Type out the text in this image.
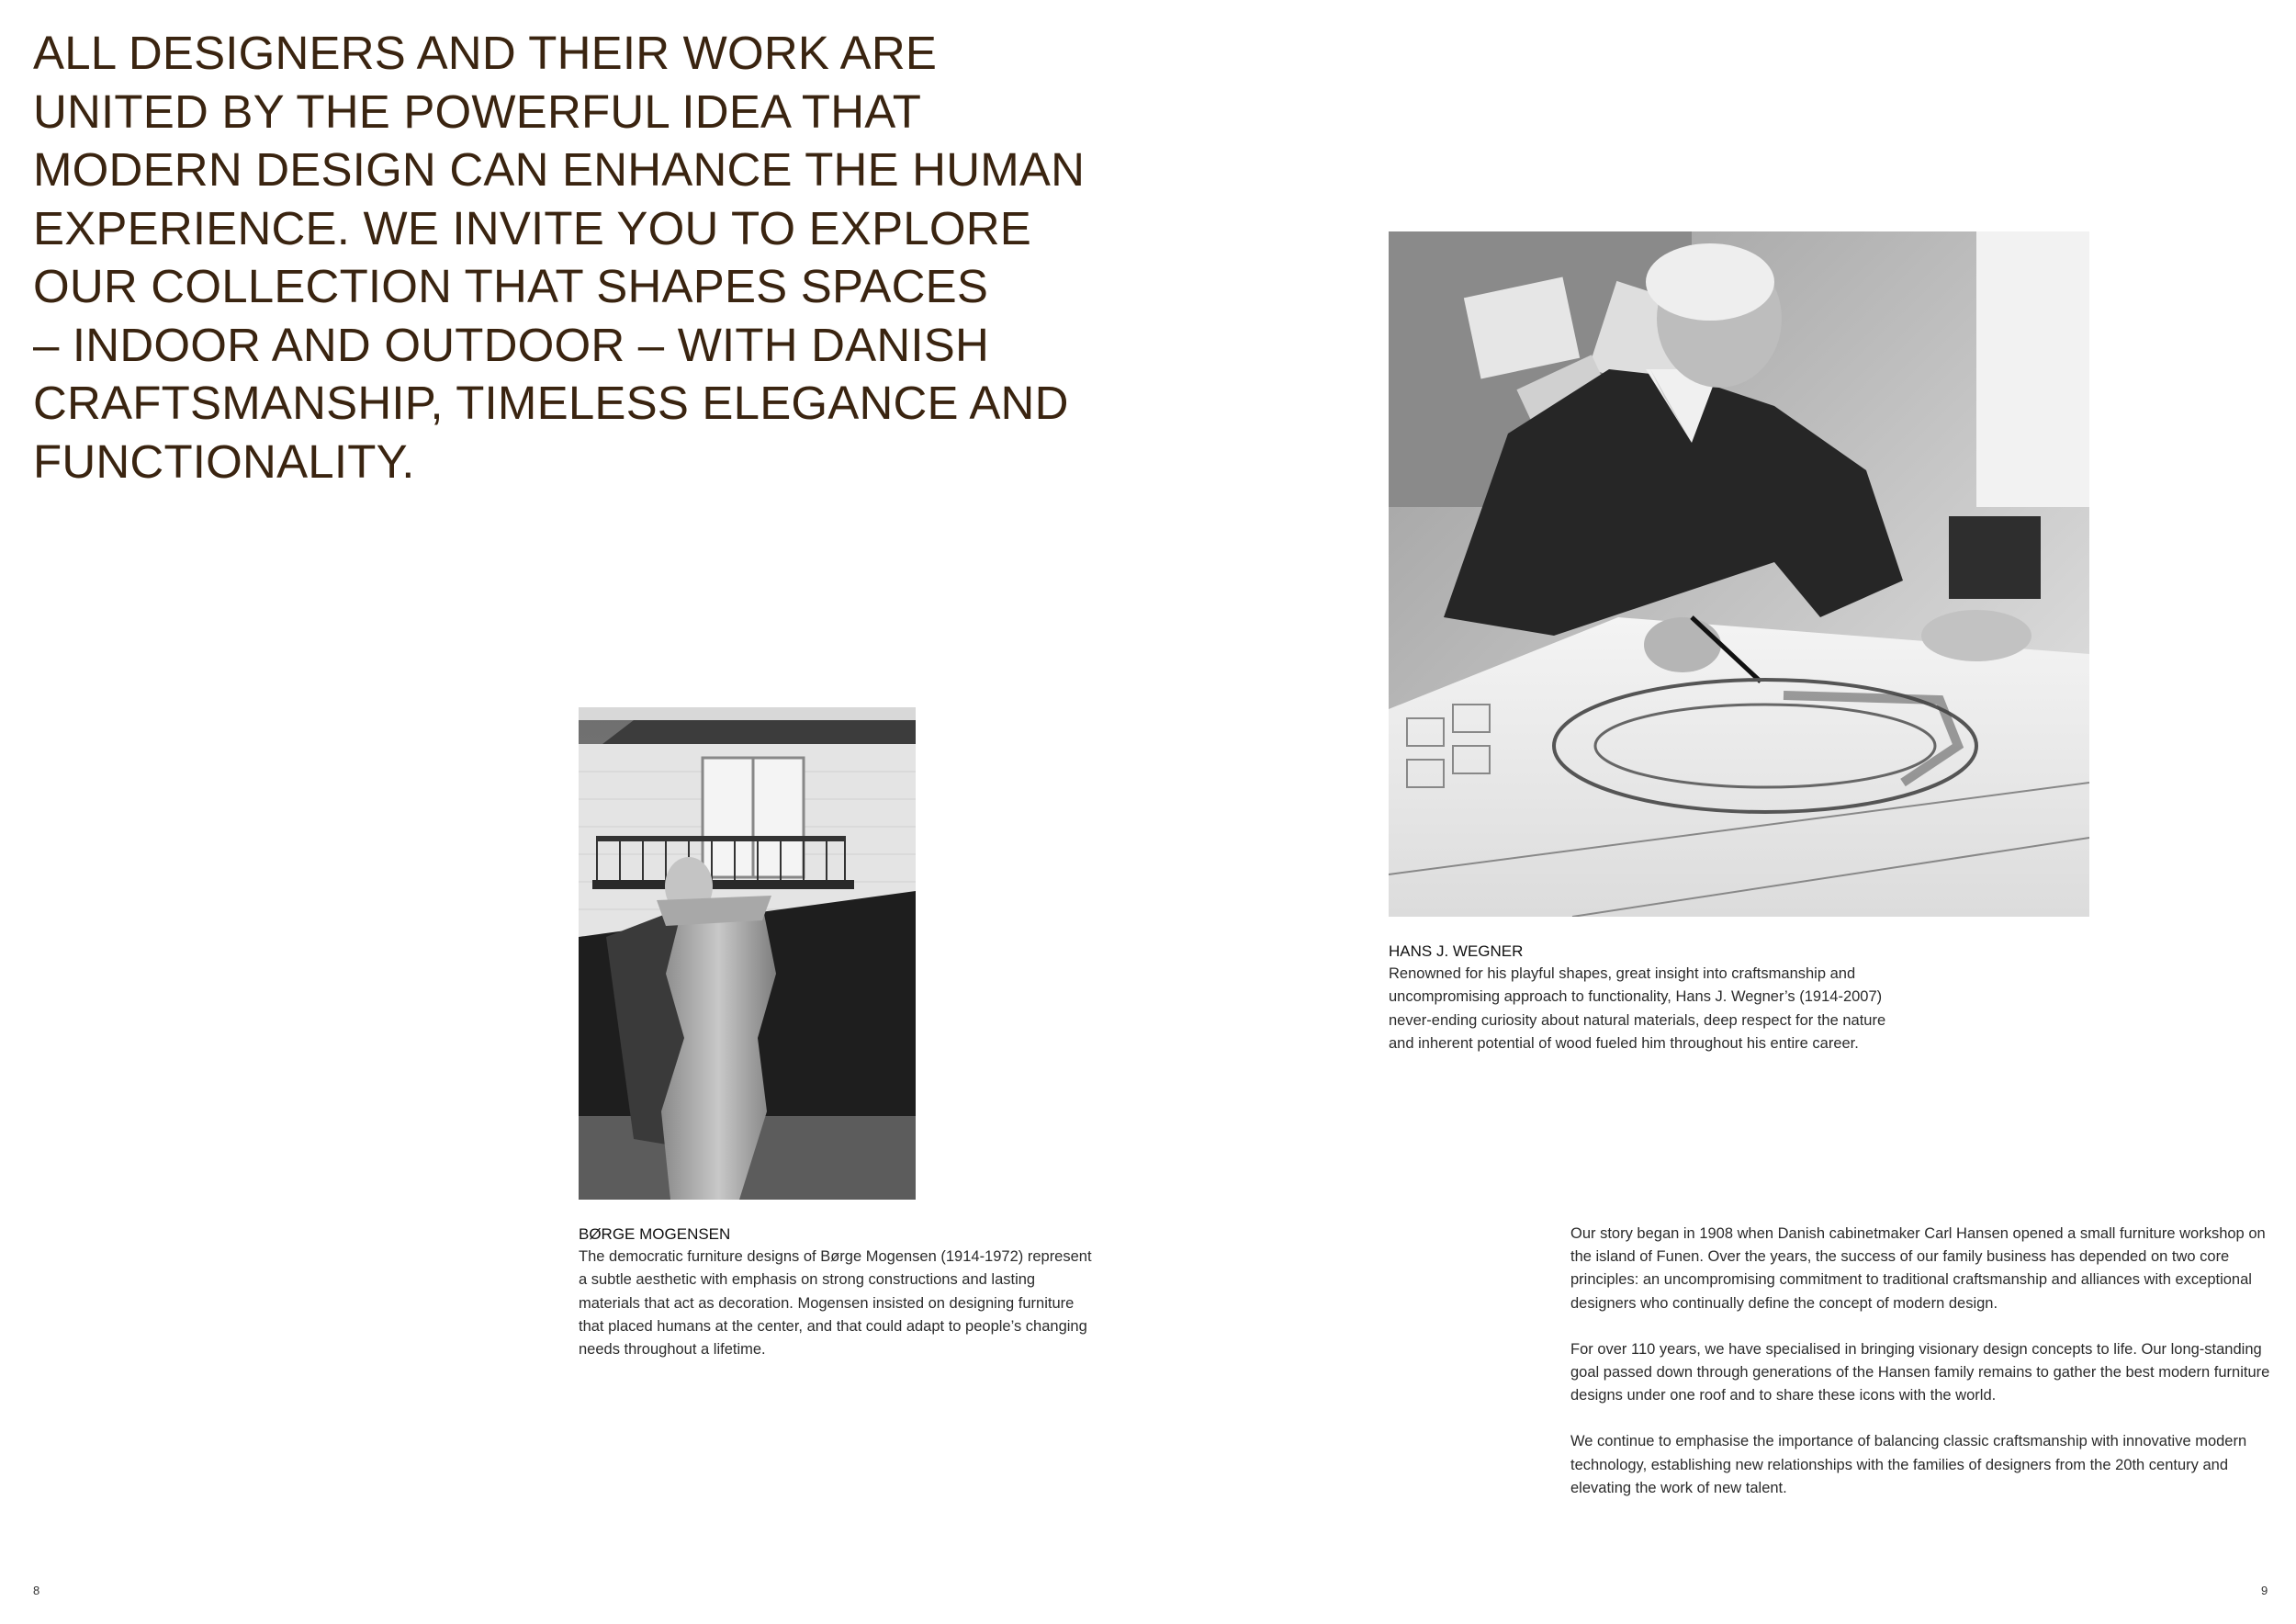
ALL DESIGNERS AND THEIR WORK ARE
UNITED BY THE POWERFUL IDEA THAT
MODERN DESIGN CAN ENHANCE THE HUMAN
EXPERIENCE. WE INVITE YOU TO EXPLORE
OUR COLLECTION THAT SHAPES SPACES
– INDOOR AND OUTDOOR – WITH DANISH
CRAFTSMANSHIP, TIMELESS ELEGANCE AND
FUNCTIONALITY.
HANS J. WEGNER
Renowned for his playful shapes, great insight into craftsmanship and uncompromising approach to functionality, Hans J. Wegner’s (1914-2007) never-ending curiosity about natural materials, deep respect for the nature and inherent potential of wood fueled him throughout his entire career.
BØRGE MOGENSEN
The democratic furniture designs of Børge Mogensen (1914-1972) represent a subtle aesthetic with emphasis on strong constructions and lasting materials that act as decoration. Mogensen insisted on designing furniture that placed humans at the center, and that could adapt to people’s changing needs throughout a lifetime.

Our story began in 1908 when Danish cabinetmaker Carl Hansen opened a small furniture workshop on the island of Funen. Over the years, the success of our family business has depended on two core principles: an uncompromising commitment to traditional craftsmanship and alliances with exceptional designers who continually define the concept of modern design.

For over 110 years, we have specialised in bringing visionary design concepts to life. Our long-standing goal passed down through generations of the Hansen family remains to gather the best modern furniture designs under one roof and to share these icons with the world.

We continue to emphasise the importance of balancing classic craftsmanship with innovative modern technology, establishing new relationships with the families of designers from the 20th century and elevating the work of new talent.

8	9
